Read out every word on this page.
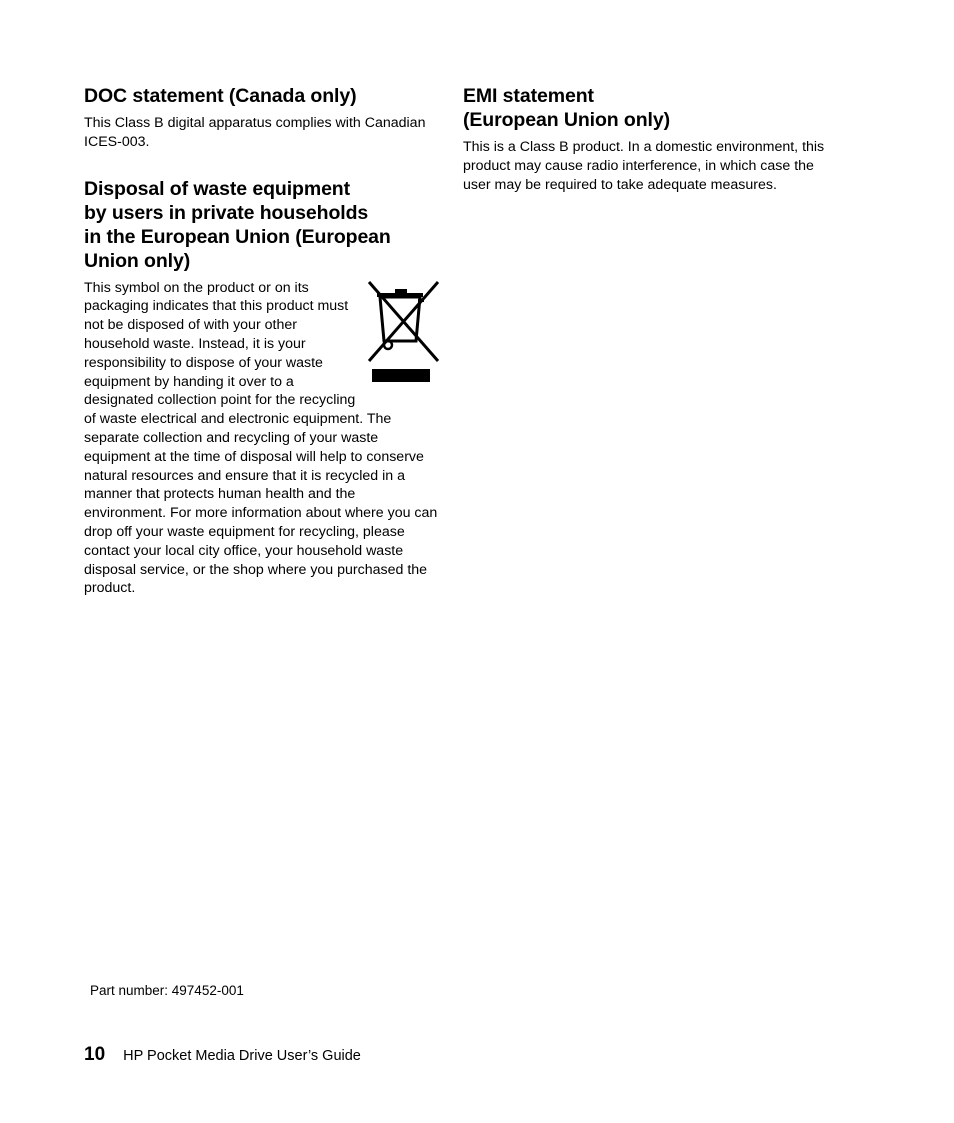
DOC statement (Canada only)

This Class B digital apparatus complies with Canadian ICES-003.

Disposal of waste equipment
by users in private households
in the European Union (European
Union only)

This symbol on the product or on its packaging indicates that this product must not be disposed of with your other household waste. Instead, it is your responsibility to dispose of your waste equipment by handing it over to a designated collection point for the recycling of waste electrical and electronic equipment. The separate collection and recycling of your waste equipment at the time of disposal will help to conserve natural resources and ensure that it is recycled in a manner that protects human health and the environment. For more information about where you can drop off your waste equipment for recycling, please contact your local city office, your household waste disposal service, or the shop where you purchased the product.

EMI statement
(European Union only)

This is a Class B product. In a domestic environment, this product may cause radio interference, in which case the user may be required to take adequate measures.

Part number: 497452-001
10 HP Pocket Media Drive User’s Guide
